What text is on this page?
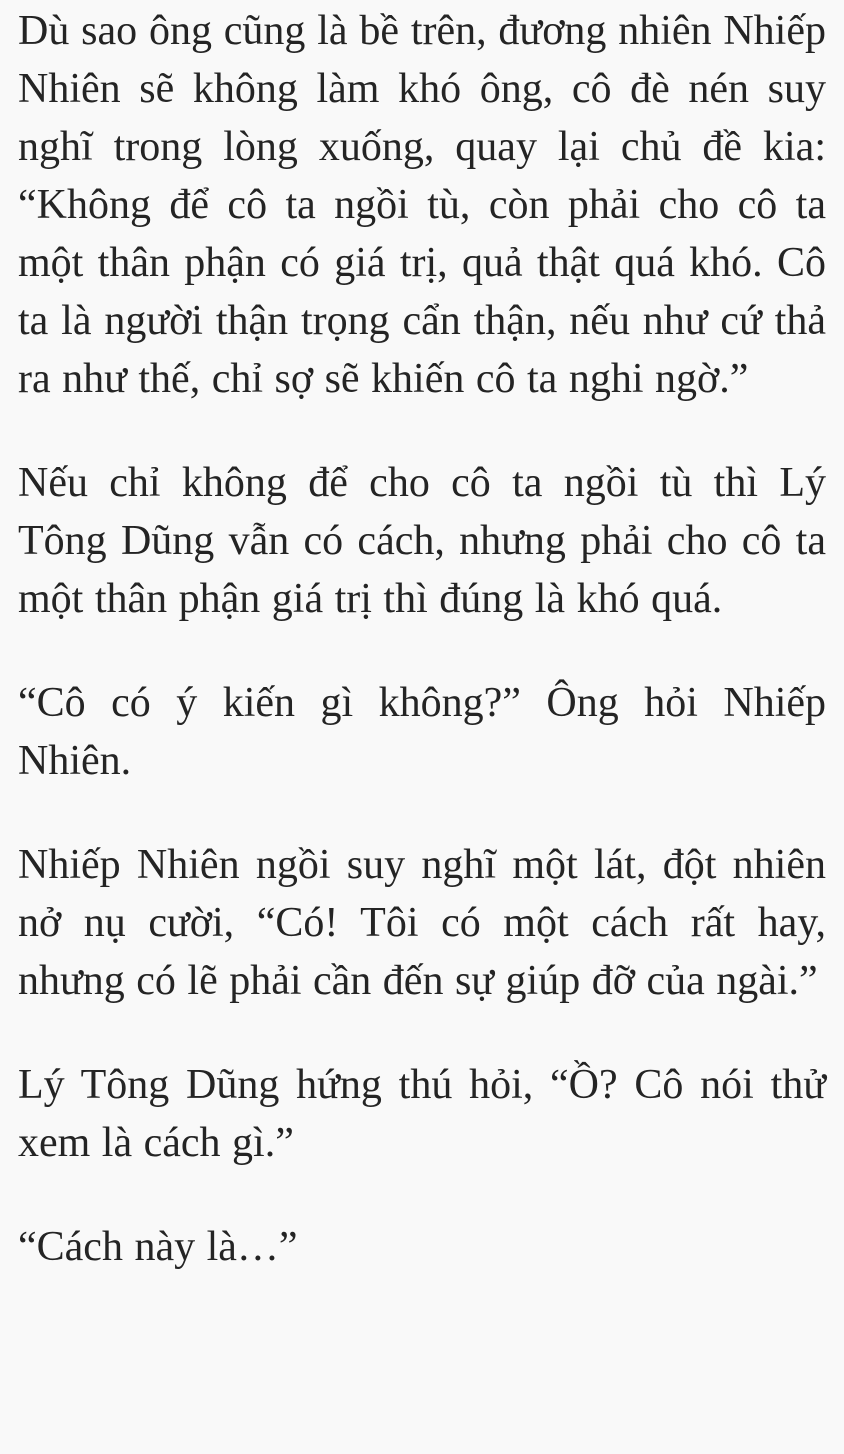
Dù sao ông cũng là bề trên, đương nhiên Nhiếp Nhiên sẽ không làm khó ông, cô đè nén suy nghĩ trong lòng xuống, quay lại chủ đề kia: “Không để cô ta ngồi tù, còn phải cho cô ta một thân phận có giá trị, quả thật quá khó. Cô ta là người thận trọng cẩn thận, nếu như cứ thả ra như thế, chỉ sợ sẽ khiến cô ta nghi ngờ.”

Nếu chỉ không để cho cô ta ngồi tù thì Lý Tông Dũng vẫn có cách, nhưng phải cho cô ta một thân phận giá trị thì đúng là khó quá.

“Cô có ý kiến gì không?” Ông hỏi Nhiếp Nhiên.

Nhiếp Nhiên ngồi suy nghĩ một lát, đột nhiên nở nụ cười, “Có! Tôi có một cách rất hay, nhưng có lẽ phải cần đến sự giúp đỡ của ngài.”

Lý Tông Dũng hứng thú hỏi, “Ồ? Cô nói thử xem là cách gì.”

“Cách này là…”
